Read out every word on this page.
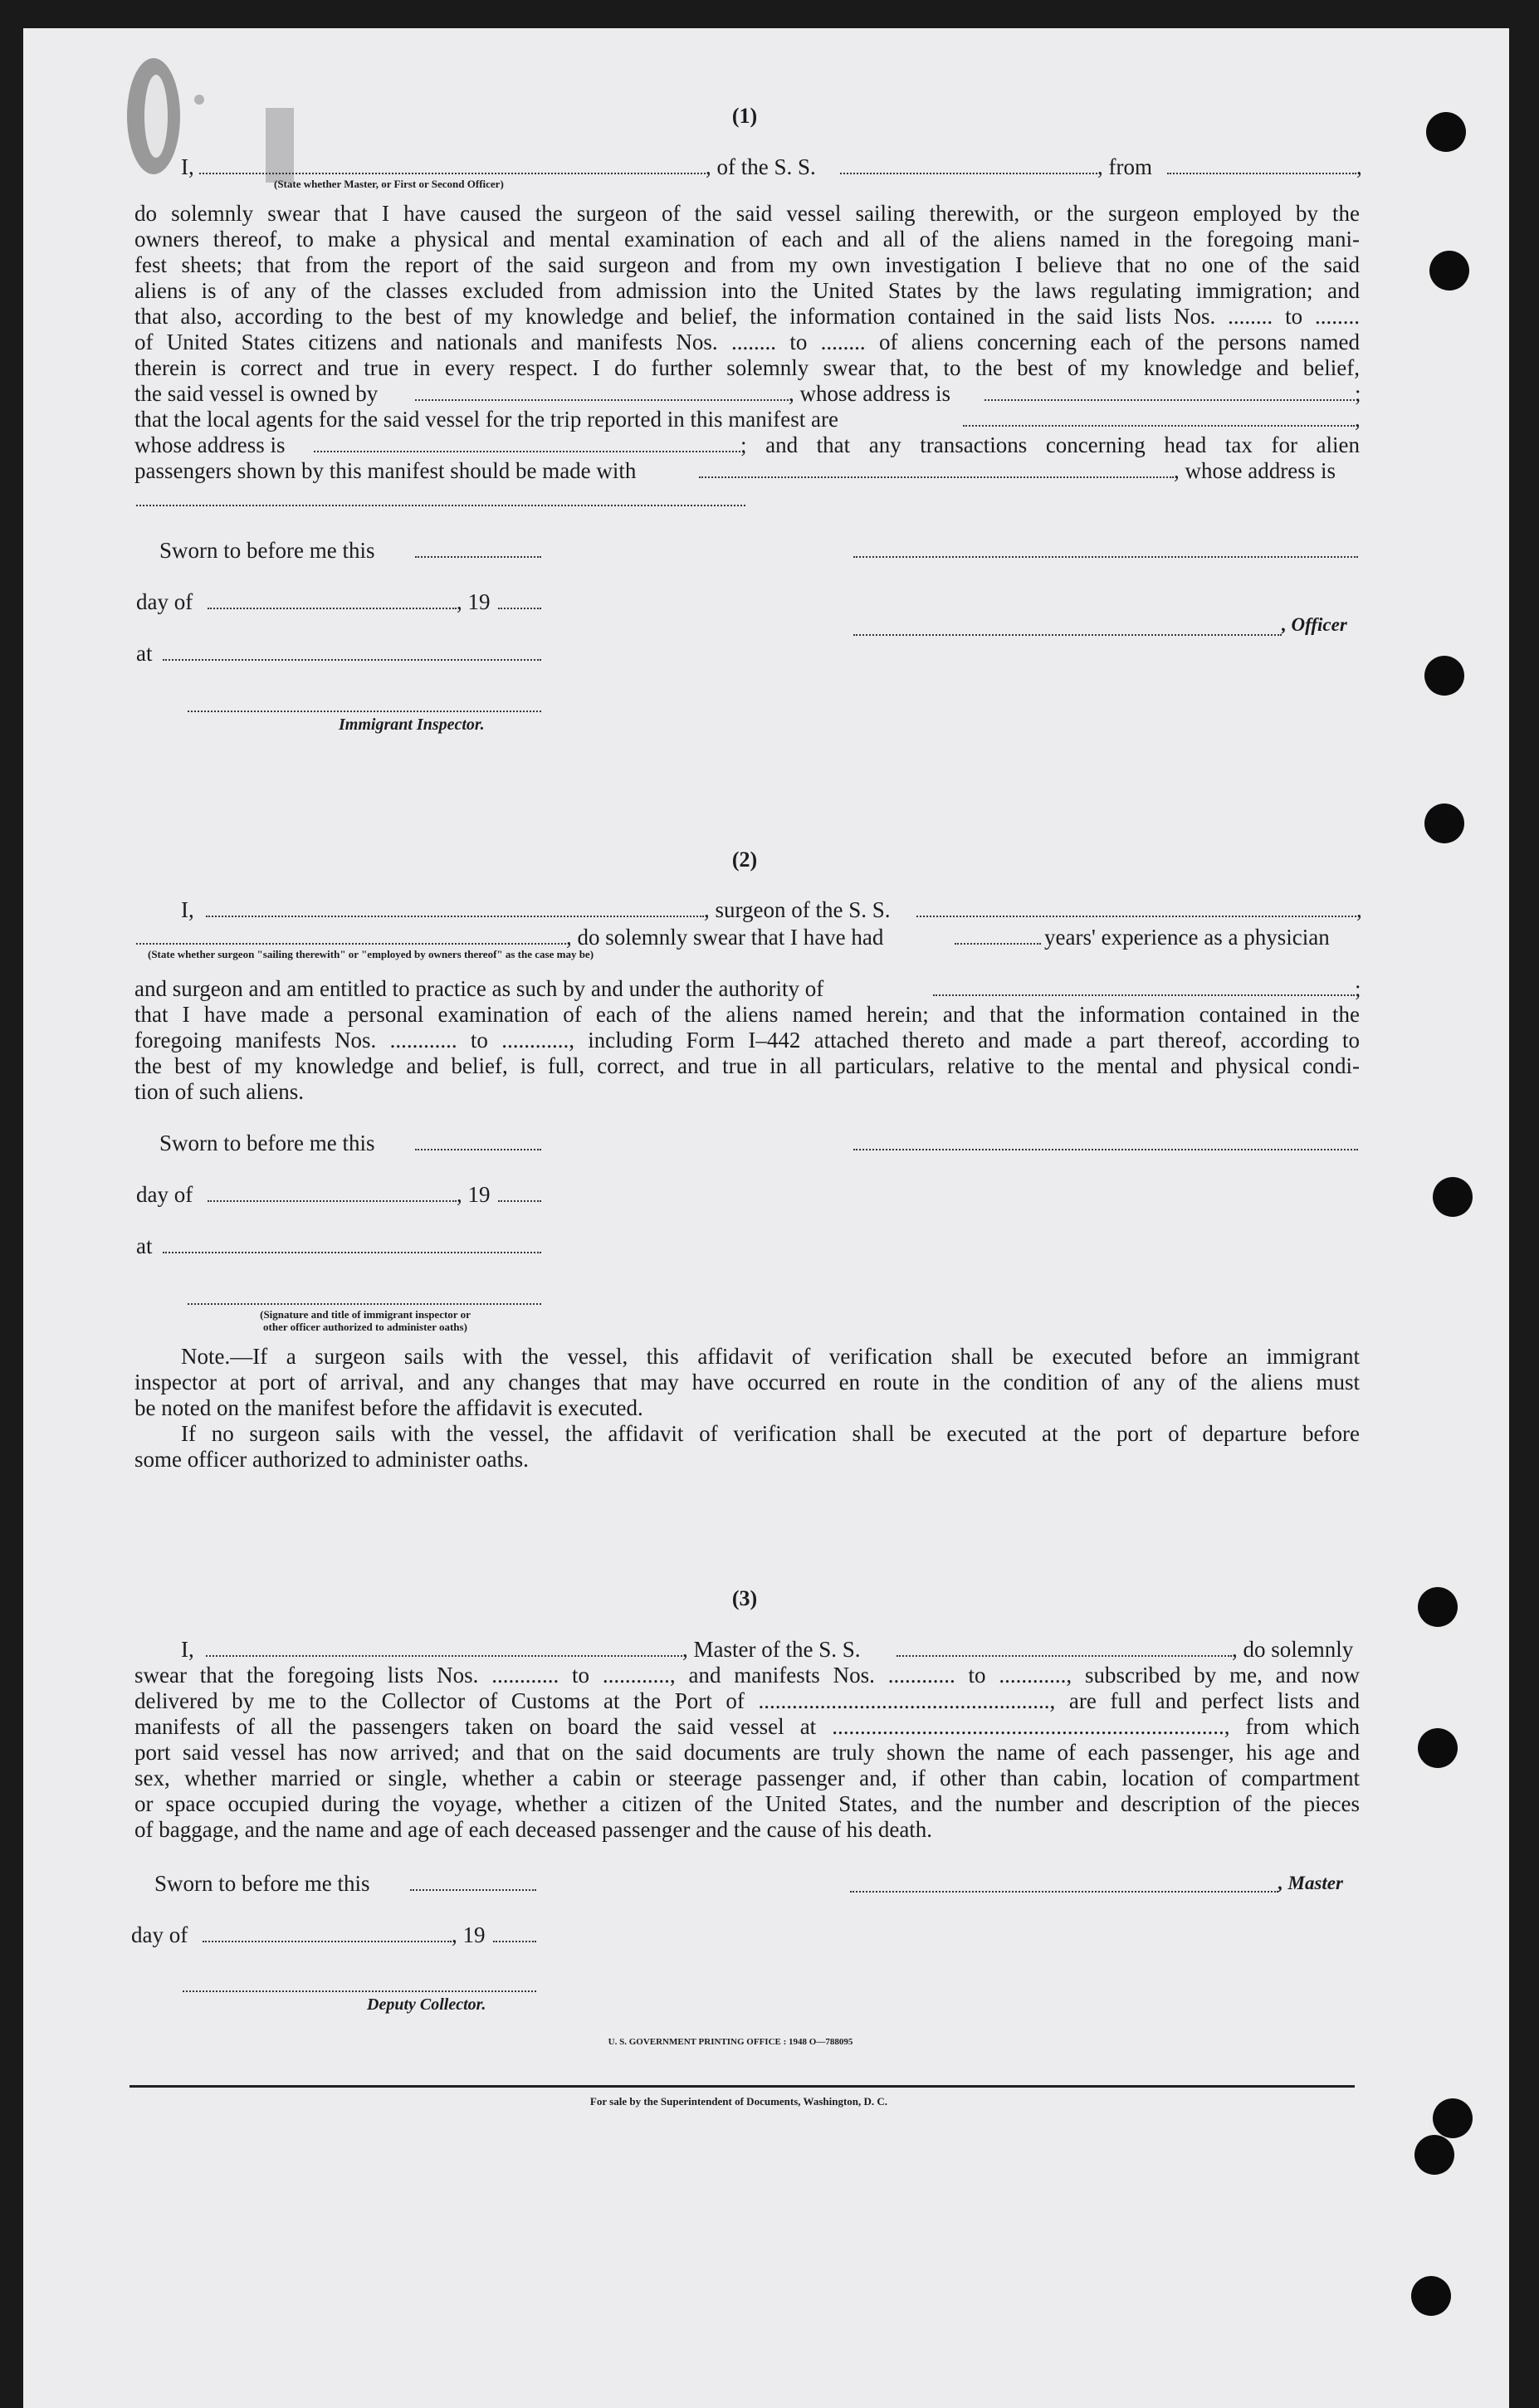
(1)
I,	, of the S. S.	, from	,
(State whether Master, or First or Second Officer)
do solemnly swear that I have caused the surgeon of the said vessel sailing therewith, or the surgeon employed by the
owners thereof, to make a physical and mental examination of each and all of the aliens named in the foregoing mani-
fest sheets; that from the report of the said surgeon and from my own investigation I believe that no one of the said
aliens is of any of the classes excluded from admission into the United States by the laws regulating immigration; and
that also, according to the best of my knowledge and belief, the information contained in the said lists Nos. ........ to ........
of United States citizens and nationals and manifests Nos. ........ to ........ of aliens concerning each of the persons named
therein is correct and true in every respect. I do further solemnly swear that, to the best of my knowledge and belief,
the said vessel is owned by	, whose address is	;
that the local agents for the said vessel for the trip reported in this manifest are	,
whose address is	; and that any transactions concerning head tax for alien
passengers shown by this manifest should be made with	, whose address is
Sworn to before me this
day of	, 19
, Officer
at
Immigrant Inspector.
(2)
I,	, surgeon of the S. S.	,
, do solemnly swear that I have had	years' experience as a physician
(State whether surgeon "sailing therewith" or "employed by owners thereof" as the case may be)
and surgeon and am entitled to practice as such by and under the authority of	;
that I have made a personal examination of each of the aliens named herein; and that the information contained in the
foregoing manifests Nos. ............ to ............, including Form I–442 attached thereto and made a part thereof, according to
the best of my knowledge and belief, is full, correct, and true in all particulars, relative to the mental and physical condi-
tion of such aliens.
Sworn to before me this
day of	, 19
at
(Signature and title of immigrant inspector or
other officer authorized to administer oaths)
Note.—If a surgeon sails with the vessel, this affidavit of verification shall be executed before an immigrant
inspector at port of arrival, and any changes that may have occurred en route in the condition of any of the aliens must
be noted on the manifest before the affidavit is executed.
If no surgeon sails with the vessel, the affidavit of verification shall be executed at the port of departure before
some officer authorized to administer oaths.
(3)
I,	, Master of the S. S.	, do solemnly
swear that the foregoing lists Nos. ............ to ............, and manifests Nos. ............ to ............, subscribed by me, and now
delivered by me to the Collector of Customs at the Port of ...................................................., are full and perfect lists and
manifests of all the passengers taken on board the said vessel at ......................................................................, from which
port said vessel has now arrived; and that on the said documents are truly shown the name of each passenger, his age and
sex, whether married or single, whether a cabin or steerage passenger and, if other than cabin, location of compartment
or space occupied during the voyage, whether a citizen of the United States, and the number and description of the pieces
of baggage, and the name and age of each deceased passenger and the cause of his death.
Sworn to before me this	, Master
day of	, 19
Deputy Collector.
U. S. GOVERNMENT PRINTING OFFICE : 1948 O—788095
For sale by the Superintendent of Documents, Washington, D. C.
